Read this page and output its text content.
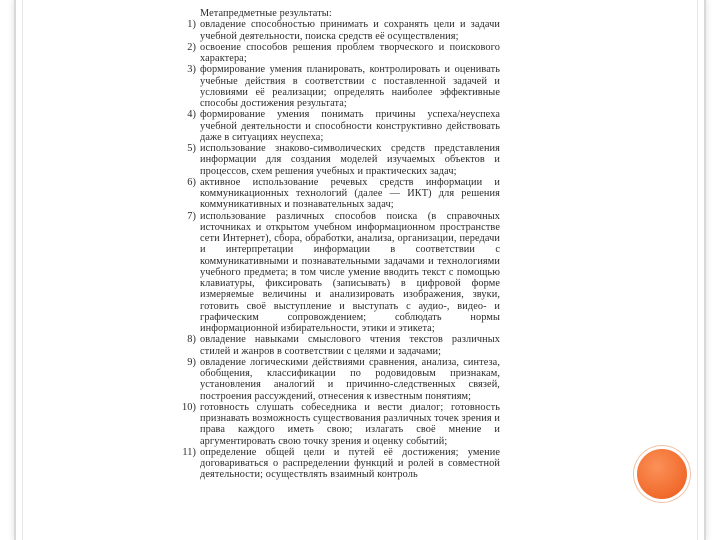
Метапредметные результаты:
1) овладение способностью принимать и сохранять цели и задачи учебной деятельности, поиска средств её осуществления;
2) освоение способов решения проблем творческого и поискового характера;
3) формирование умения планировать, контролировать и оценивать учебные действия в соответствии с поставленной задачей и условиями её реализации; определять наиболее эффективные способы достижения результата;
4) формирование умения понимать причины успеха/неуспеха учебной деятельности и способности конструктивно действовать даже в ситуациях неуспеха;
5) использование знаково-символических средств представления информации для создания моделей изучаемых объектов и процессов, схем решения учебных и практических задач;
6) активное использование речевых средств информации и коммуникационных технологий (далее — ИКТ) для решения коммуникативных и познавательных задач;
7) использование различных способов поиска (в справочных источниках и открытом учебном информационном пространстве сети Интернет), сбора, обработки, анализа, организации, передачи и интерпретации информации в соответствии с коммуникативными и познавательными задачами и технологиями учебного предмета; в том числе умение вводить текст с помощью клавиатуры, фиксировать (записывать) в цифровой форме измеряемые величины и анализировать изображения, звуки, готовить своё выступление и выступать с аудио-, видео- и графическим сопровождением; соблюдать нормы информационной избирательности, этики и этикета;
8) овладение навыками смыслового чтения текстов различных стилей и жанров в соответствии с целями и задачами;
9) овладение логическими действиями сравнения, анализа, синтеза, обобщения, классификации по родовидовым признакам, установления аналогий и причинно-следственных связей, построения рассуждений, отнесения к известным понятиям;
10) готовность слушать собеседника и вести диалог; готовность признавать возможность существования различных точек зрения и права каждого иметь свою; излагать своё мнение и аргументировать свою точку зрения и оценку событий;
11) определение общей цели и путей её достижения; умение договариваться о распределении функций и ролей в совместной деятельности; осуществлять взаимный контроль
